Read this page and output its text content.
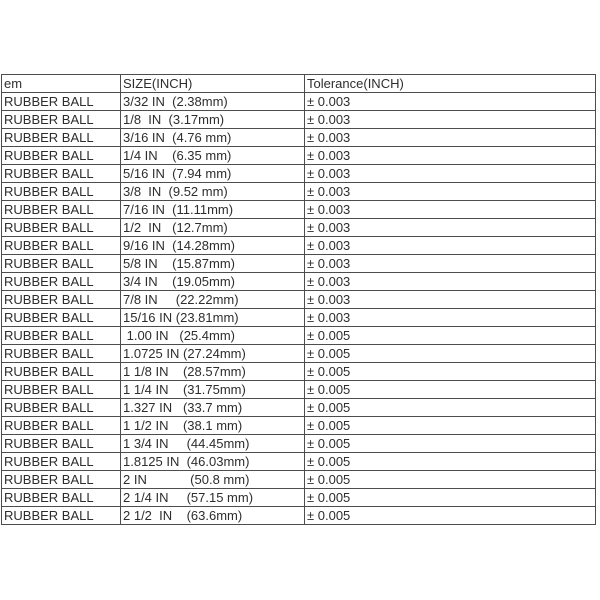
em	SIZE(INCH)	Tolerance(INCH)
RUBBER BALL	3/32 IN  (2.38mm)	± 0.003
RUBBER BALL	1/8  IN  (3.17mm)	± 0.003
RUBBER BALL	3/16 IN  (4.76 mm)	± 0.003
RUBBER BALL	1/4 IN    (6.35 mm)	± 0.003
RUBBER BALL	5/16 IN  (7.94 mm)	± 0.003
RUBBER BALL	3/8  IN  (9.52 mm)	± 0.003
RUBBER BALL	7/16 IN  (11.11mm)	± 0.003
RUBBER BALL	1/2  IN   (12.7mm)	± 0.003
RUBBER BALL	9/16 IN  (14.28mm)	± 0.003
RUBBER BALL	5/8 IN    (15.87mm)	± 0.003
RUBBER BALL	3/4 IN    (19.05mm)	± 0.003
RUBBER BALL	7/8 IN     (22.22mm)	± 0.003
RUBBER BALL	15/16 IN (23.81mm)	± 0.003
RUBBER BALL	1.00 IN   (25.4mm)	± 0.005
RUBBER BALL	1.0725 IN (27.24mm)	± 0.005
RUBBER BALL	1 1/8 IN    (28.57mm)	± 0.005
RUBBER BALL	1 1/4 IN    (31.75mm)	± 0.005
RUBBER BALL	1.327 IN   (33.7 mm)	± 0.005
RUBBER BALL	1 1/2 IN    (38.1 mm)	± 0.005
RUBBER BALL	1 3/4 IN     (44.45mm)	± 0.005
RUBBER BALL	1.8125 IN  (46.03mm)	± 0.005
RUBBER BALL	2 IN            (50.8 mm)	± 0.005
RUBBER BALL	2 1/4 IN     (57.15 mm)	± 0.005
RUBBER BALL	2 1/2  IN    (63.6mm)	± 0.005
